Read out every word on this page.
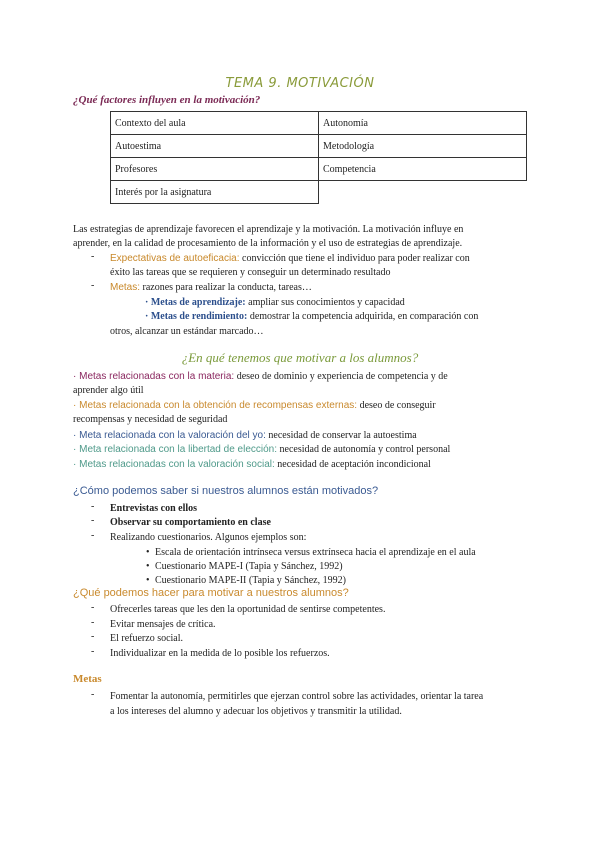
TEMA 9. MOTIVACIÓN
¿Qué factores influyen en la motivación?
Contexto del aula	Autonomía
Autoestima	Metodología
Profesores	Competencia
Interés por la asignatura	
Las estrategias de aprendizaje favorecen el aprendizaje y la motivación. La motivación influye en
aprender, en la calidad de procesamiento de la información y el uso de estrategias de aprendizaje.
- Expectativas de autoeficacia: convicción que tiene el individuo para poder realizar con
éxito las tareas que se requieren y conseguir un determinado resultado
- Metas: razones para realizar la conducta, tareas…
· Metas de aprendizaje: ampliar sus conocimientos y capacidad
· Metas de rendimiento: demostrar la competencia adquirida, en comparación con
otros, alcanzar un estándar marcado…
¿En qué tenemos que motivar a los alumnos?
· Metas relacionadas con la materia: deseo de dominio y experiencia de competencia y de
aprender algo útil
· Metas relacionada con la obtención de recompensas externas: deseo de conseguir
recompensas y necesidad de seguridad
· Meta relacionada con la valoración del yo: necesidad de conservar la autoestima
· Meta relacionada con la libertad de elección: necesidad de autonomía y control personal
· Metas relacionadas con la valoración social: necesidad de aceptación incondicional
¿Cómo podemos saber si nuestros alumnos están motivados?
- Entrevistas con ellos
- Observar su comportamiento en clase
- Realizando cuestionarios. Algunos ejemplos son:
• Escala de orientación intrínseca versus extrínseca hacia el aprendizaje en el aula
• Cuestionario MAPE-I (Tapia y Sánchez, 1992)
• Cuestionario MAPE-II (Tapia y Sánchez, 1992)
¿Qué podemos hacer para motivar a nuestros alumnos?
- Ofrecerles tareas que les den la oportunidad de sentirse competentes.
- Evitar mensajes de crítica.
- El refuerzo social.
- Individualizar en la medida de lo posible los refuerzos.
Metas
- Fomentar la autonomía, permitirles que ejerzan control sobre las actividades, orientar la tarea
a los intereses del alumno y adecuar los objetivos y transmitir la utilidad.
